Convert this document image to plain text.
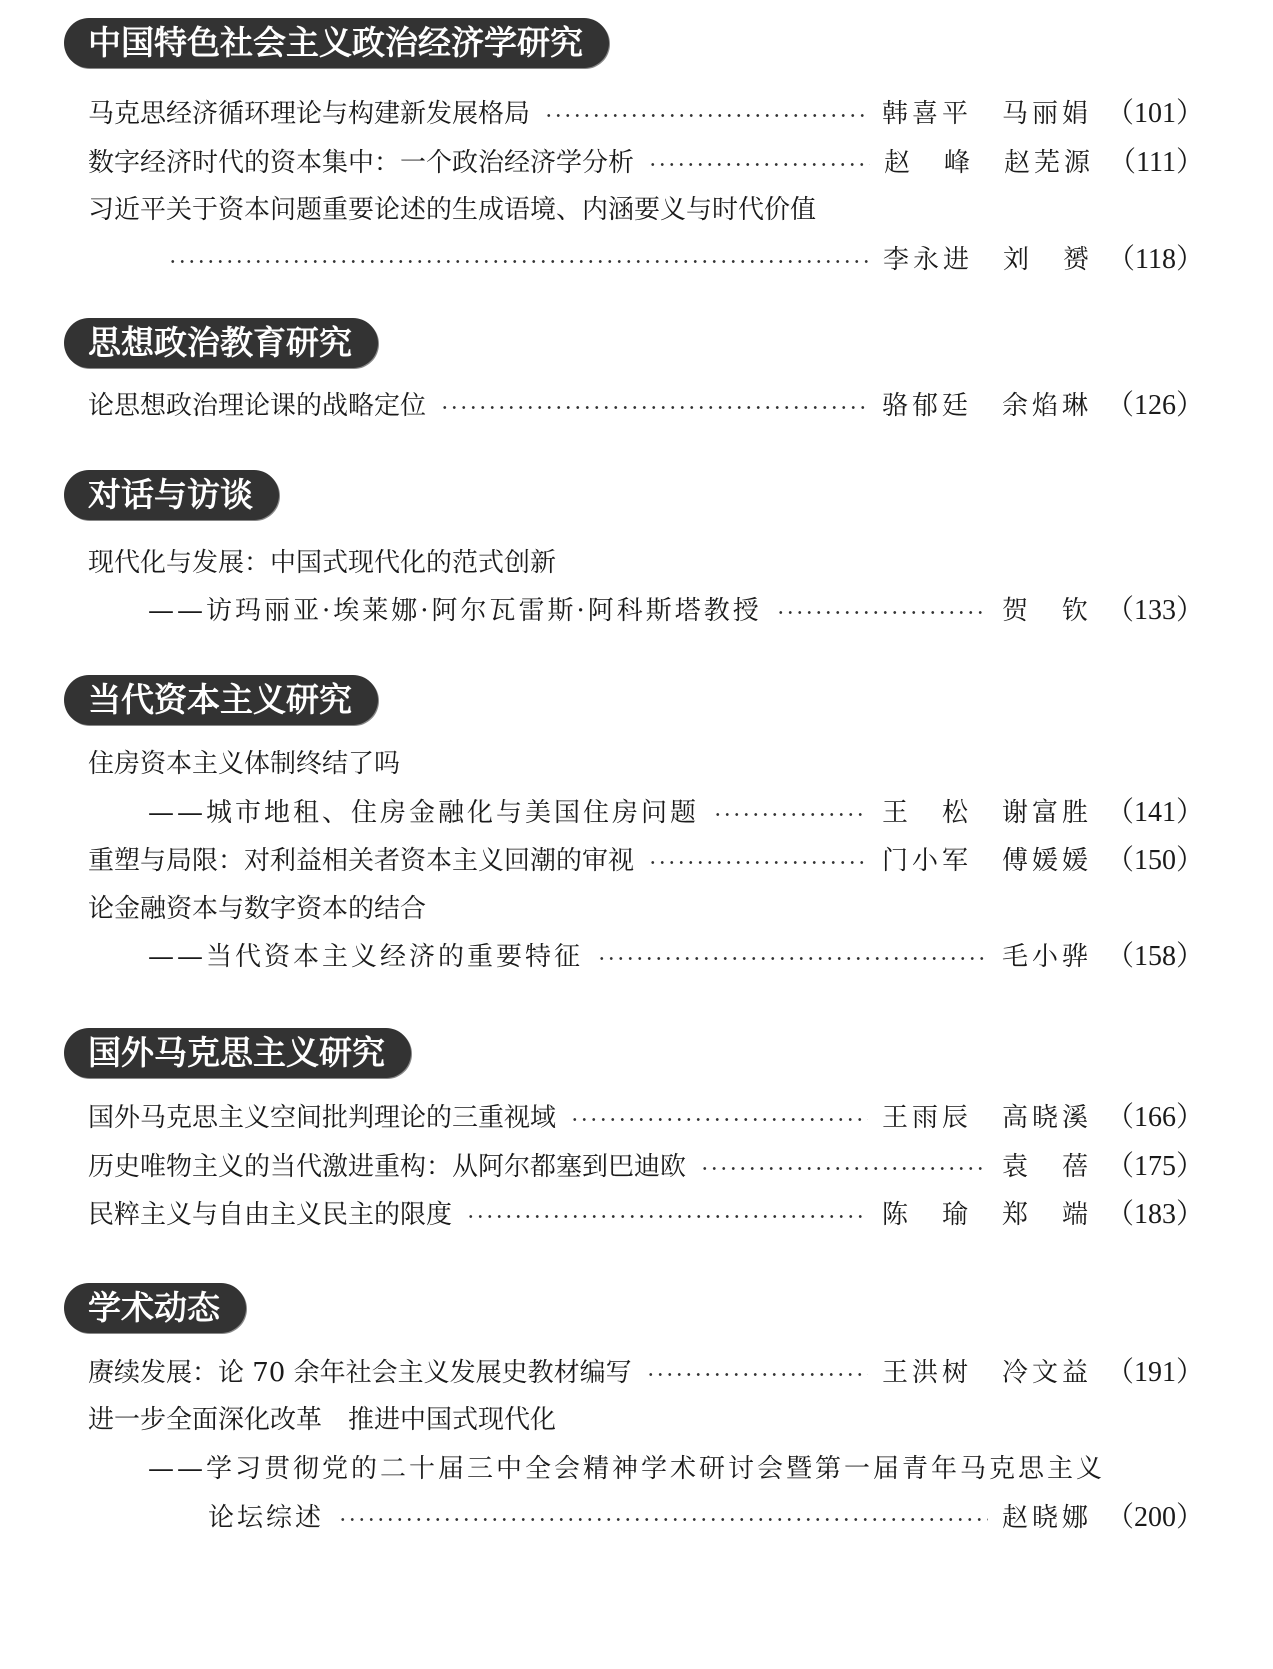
中国特色社会主义政治经济学研究
马克思经济循环理论与构建新发展格局	韩喜平　马丽娟 （101）
数字经济时代的资本集中：一个政治经济学分析	赵　峰　赵芜源 （111）
习近平关于资本问题重要论述的生成语境、内涵要义与时代价值
李永进　刘　赟 （118）
思想政治教育研究
论思想政治理论课的战略定位	骆郁廷　余焰琳 （126）
对话与访谈
现代化与发展：中国式现代化的范式创新
——访玛丽亚·埃莱娜·阿尔瓦雷斯·阿科斯塔教授	贺　钦 （133）
当代资本主义研究
住房资本主义体制终结了吗
——城市地租、住房金融化与美国住房问题	王　松　谢富胜 （141）
重塑与局限：对利益相关者资本主义回潮的审视	门小军　傅媛媛 （150）
论金融资本与数字资本的结合
——当代资本主义经济的重要特征	毛小骅 （158）
国外马克思主义研究
国外马克思主义空间批判理论的三重视域	王雨辰　高晓溪 （166）
历史唯物主义的当代激进重构：从阿尔都塞到巴迪欧	袁　蓓 （175）
民粹主义与自由主义民主的限度	陈　瑜　郑　端 （183）
学术动态
赓续发展：论 70 余年社会主义发展史教材编写	王洪树　冷文益 （191）
进一步全面深化改革　推进中国式现代化
——学习贯彻党的二十届三中全会精神学术研讨会暨第一届青年马克思主义
论坛综述	赵晓娜 （200）
